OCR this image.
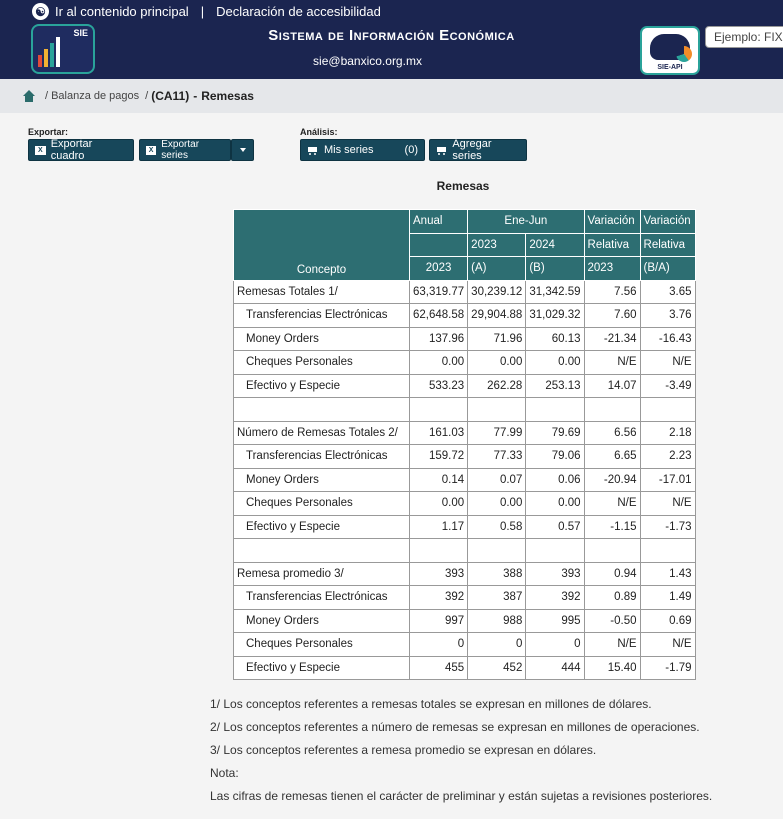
☯ Ir al contenido principal | Declaración de accesibilidad
SIE	Sistema de Información Económica
sie@banxico.org.mx	SIE-API
Ejemplo: FIX
/ Balanza de pagos / (CA11) - Remesas
Exportar:
X Exportar cuadro	X Exportar series
Análisis:
Mis series	(0)	Agregar series
Remesas
Concepto	Anual	Ene-Jun		Variación	Variación
		2023	2024	Relativa	Relativa
	2023	(A)	(B)	2023	(B/A)
Remesas Totales 1/	63,319.77	30,239.12	31,342.59	7.56	3.65
Transferencias Electrónicas	62,648.58	29,904.88	31,029.32	7.60	3.76
Money Orders	137.96	71.96	60.13	-21.34	-16.43
Cheques Personales	0.00	0.00	0.00	N/E	N/E
Efectivo y Especie	533.23	262.28	253.13	14.07	-3.49

Número de Remesas Totales 2/	161.03	77.99	79.69	6.56	2.18
Transferencias Electrónicas	159.72	77.33	79.06	6.65	2.23
Money Orders	0.14	0.07	0.06	-20.94	-17.01
Cheques Personales	0.00	0.00	0.00	N/E	N/E
Efectivo y Especie	1.17	0.58	0.57	-1.15	-1.73

Remesa promedio 3/	393	388	393	0.94	1.43
Transferencias Electrónicas	392	387	392	0.89	1.49
Money Orders	997	988	995	-0.50	0.69
Cheques Personales	0	0	0	N/E	N/E
Efectivo y Especie	455	452	444	15.40	-1.79

1/ Los conceptos referentes a remesas totales se expresan en millones de dólares.

2/ Los conceptos referentes a número de remesas se expresan en millones de operaciones.

3/ Los conceptos referentes a remesa promedio se expresan en dólares.

Nota:

Las cifras de remesas tienen el carácter de preliminar y están sujetas a revisiones posteriores.
